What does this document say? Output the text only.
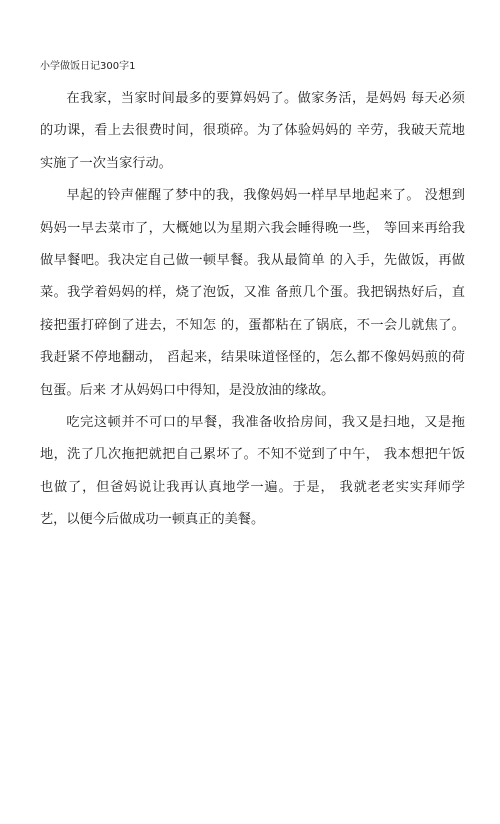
小学做饭日记300字1

在我家，当家时间最多的要算妈妈了。做家务活，是妈妈 每天必须的功课，看上去很费时间，很琐碎。为了体验妈妈的 辛劳，我破天荒地实施了一次当家行动。

早起的铃声催醒了梦中的我，我像妈妈一样早早地起来了。 没想到妈妈一早去菜市了，大概她以为星期六我会睡得晚一些， 等回来再给我做早餐吧。我决定自己做一顿早餐。我从最简单 的入手，先做饭，再做菜。我学着妈妈的样，烧了泡饭，又准 备煎几个蛋。我把锅热好后，直接把蛋打碎倒了进去，不知怎 的，蛋都粘在了锅底，不一会儿就焦了。我赶紧不停地翻动， 舀起来，结果味道怪怪的，怎么都不像妈妈煎的荷包蛋。后来 才从妈妈口中得知，是没放油的缘故。

吃完这顿并不可口的早餐，我准备收拾房间，我又是扫地，又是拖地，洗了几次拖把就把自己累坏了。不知不觉到了中午， 我本想把午饭也做了，但爸妈说让我再认真地学一遍。于是， 我就老老实实拜师学艺，以便今后做成功一顿真正的美餐。
